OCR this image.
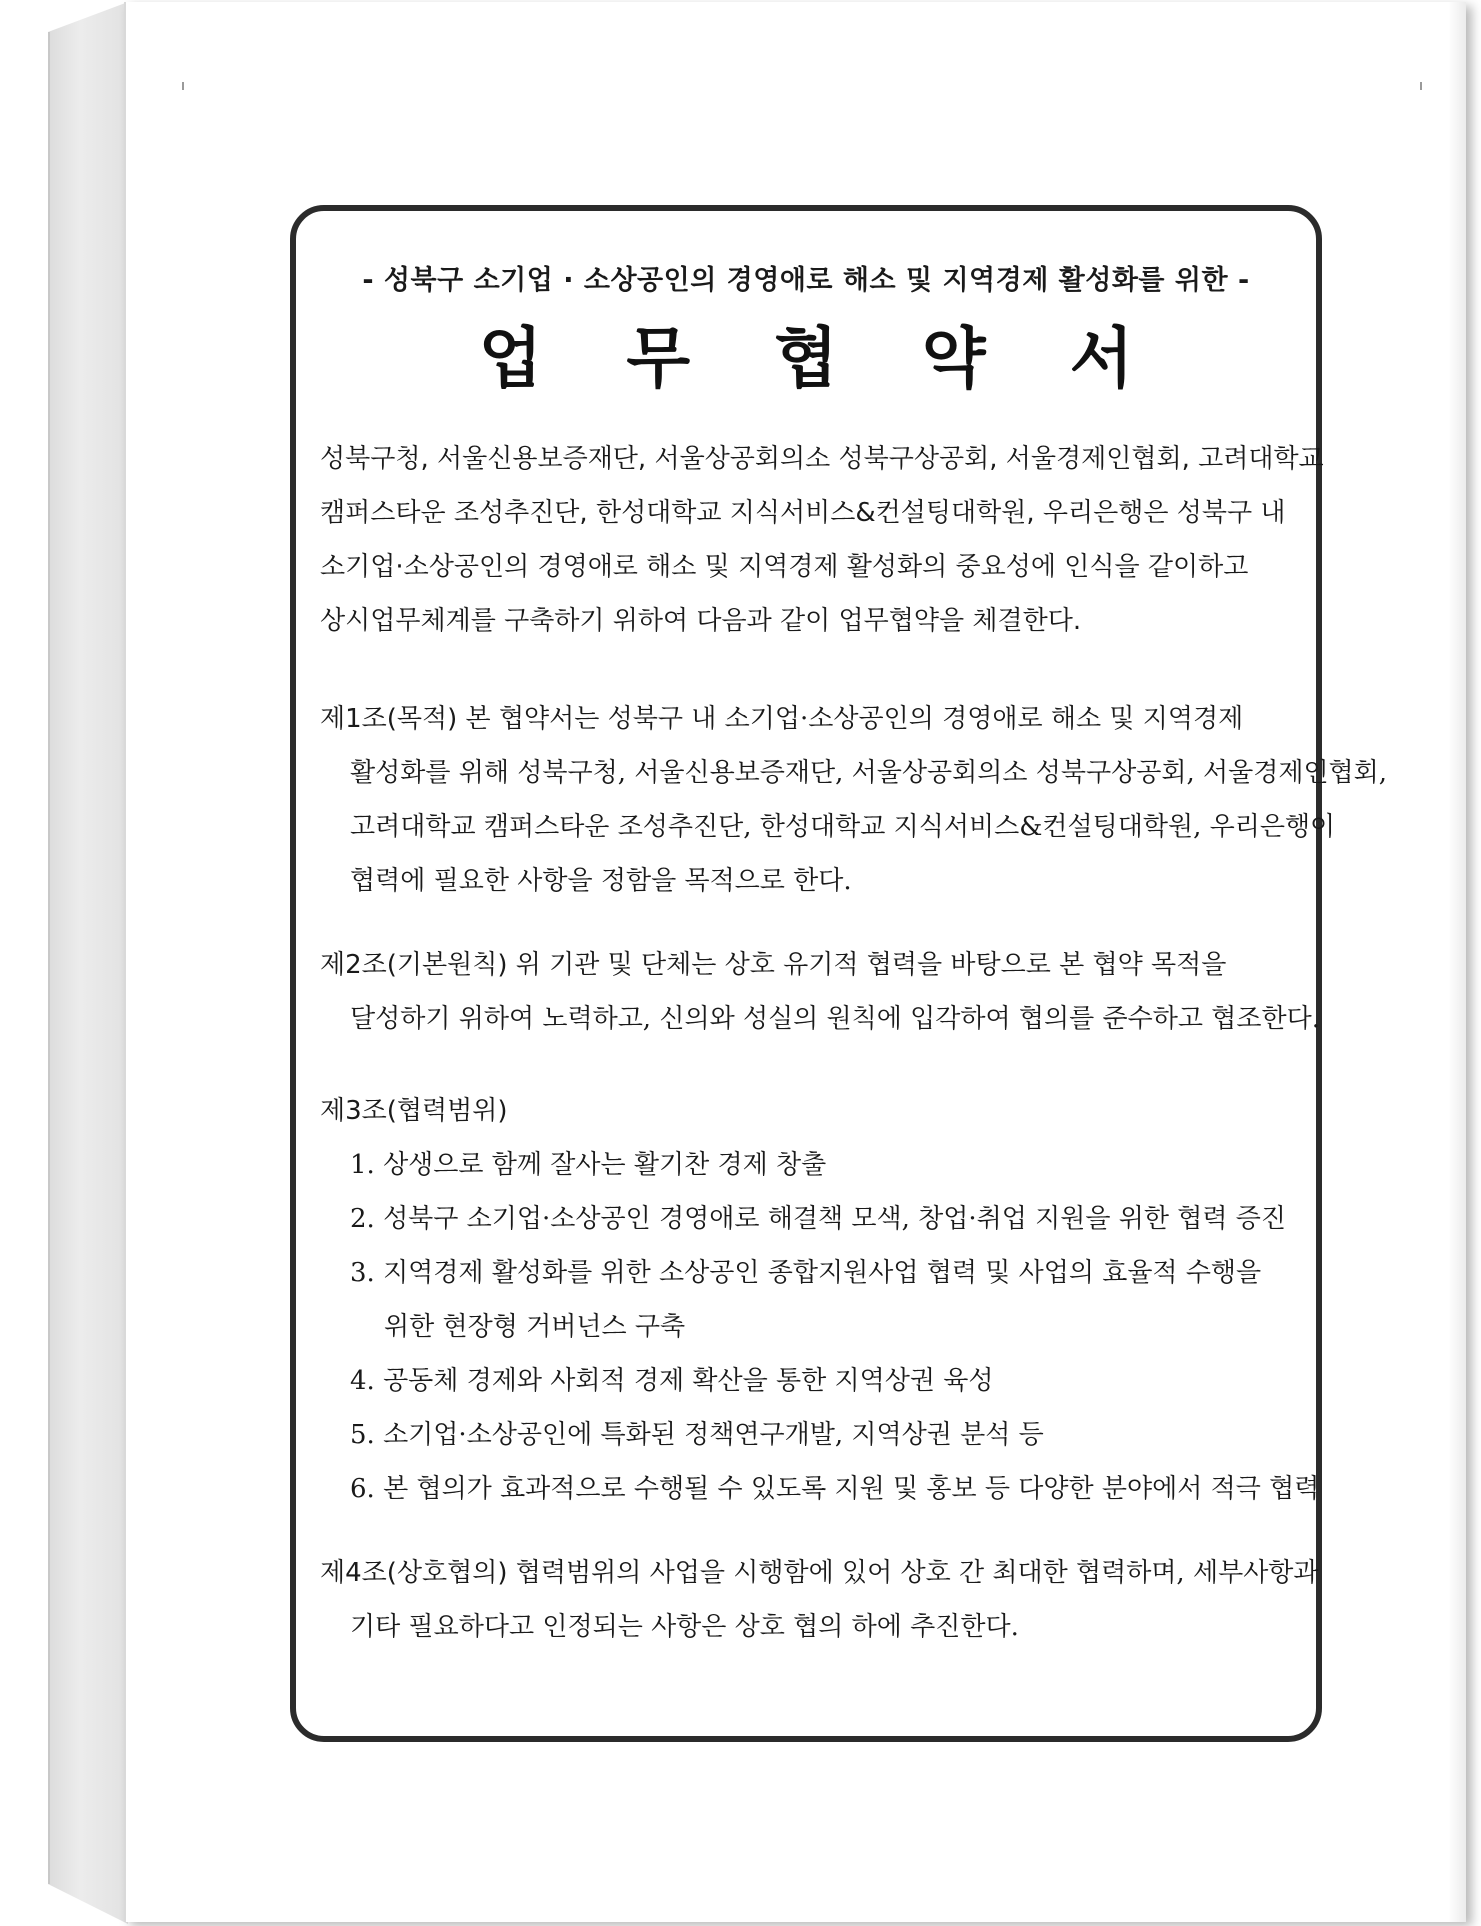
- 성북구 소기업 · 소상공인의 경영애로 해소 및 지역경제 활성화를 위한 -
업무협약서
성북구청, 서울신용보증재단, 서울상공회의소 성북구상공회, 서울경제인협회, 고려대학교
캠퍼스타운 조성추진단, 한성대학교 지식서비스&컨설팅대학원, 우리은행은 성북구 내
소기업·소상공인의 경영애로 해소 및 지역경제 활성화의 중요성에 인식을 같이하고
상시업무체계를 구축하기 위하여 다음과 같이 업무협약을 체결한다.
제1조(목적) 본 협약서는 성북구 내 소기업·소상공인의 경영애로 해소 및 지역경제
활성화를 위해 성북구청, 서울신용보증재단, 서울상공회의소 성북구상공회, 서울경제인협회,
고려대학교 캠퍼스타운 조성추진단, 한성대학교 지식서비스&컨설팅대학원, 우리은행이
협력에 필요한 사항을 정함을 목적으로 한다.
제2조(기본원칙) 위 기관 및 단체는 상호 유기적 협력을 바탕으로 본 협약 목적을
달성하기 위하여 노력하고, 신의와 성실의 원칙에 입각하여 협의를 준수하고 협조한다.
제3조(협력범위)
1. 상생으로 함께 잘사는 활기찬 경제 창출
2. 성북구 소기업·소상공인 경영애로 해결책 모색, 창업·취업 지원을 위한 협력 증진
3. 지역경제 활성화를 위한 소상공인 종합지원사업 협력 및 사업의 효율적 수행을
위한 현장형 거버넌스 구축
4. 공동체 경제와 사회적 경제 확산을 통한 지역상권 육성
5. 소기업·소상공인에 특화된 정책연구개발, 지역상권 분석 등
6. 본 협의가 효과적으로 수행될 수 있도록 지원 및 홍보 등 다양한 분야에서 적극 협력
제4조(상호협의) 협력범위의 사업을 시행함에 있어 상호 간 최대한 협력하며, 세부사항과
기타 필요하다고 인정되는 사항은 상호 협의 하에 추진한다.
